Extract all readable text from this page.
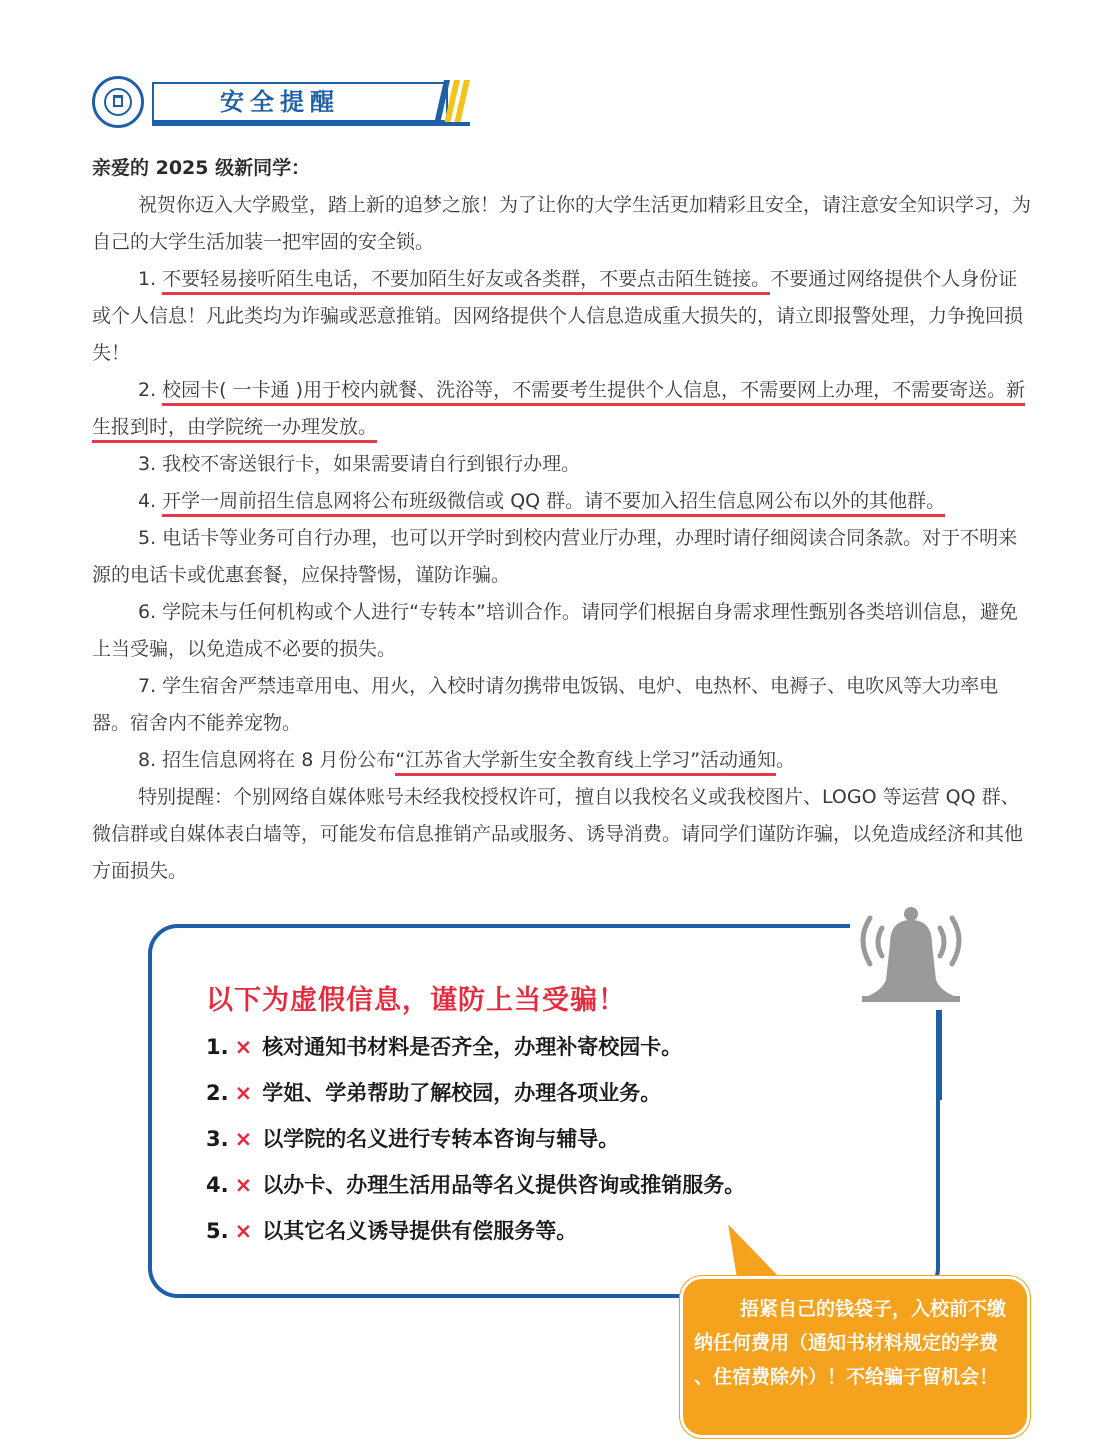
安全提醒

亲爱的 2025 级新同学：

祝贺你迈入大学殿堂，踏上新的追梦之旅！为了让你的大学生活更加精彩且安全，请注意安全知识学习，为自己的大学生活加装一把牢固的安全锁。

1. 不要轻易接听陌生电话，不要加陌生好友或各类群，不要点击陌生链接。不要通过网络提供个人身份证或个人信息！凡此类均为诈骗或恶意推销。因网络提供个人信息造成重大损失的，请立即报警处理，力争挽回损失！

2. 校园卡( 一卡通 )用于校内就餐、洗浴等，不需要考生提供个人信息，不需要网上办理，不需要寄送。新生报到时，由学院统一办理发放。

3. 我校不寄送银行卡，如果需要请自行到银行办理。

4. 开学一周前招生信息网将公布班级微信或 QQ 群。请不要加入招生信息网公布以外的其他群。

5. 电话卡等业务可自行办理，也可以开学时到校内营业厅办理，办理时请仔细阅读合同条款。对于不明来源的电话卡或优惠套餐，应保持警惕，谨防诈骗。

6. 学院未与任何机构或个人进行“专转本”培训合作。请同学们根据自身需求理性甄别各类培训信息，避免上当受骗，以免造成不必要的损失。

7. 学生宿舍严禁违章用电、用火，入校时请勿携带电饭锅、电炉、电热杯、电褥子、电吹风等大功率电器。宿舍内不能养宠物。

8. 招生信息网将在 8 月份公布“江苏省大学新生安全教育线上学习”活动通知。

特别提醒：个别网络自媒体账号未经我校授权许可，擅自以我校名义或我校图片、LOGO 等运营 QQ 群、微信群或自媒体表白墙等，可能发布信息推销产品或服务、诱导消费。请同学们谨防诈骗，以免造成经济和其他方面损失。

以下为虚假信息，谨防上当受骗！
1. × 核对通知书材料是否齐全，办理补寄校园卡。
2. × 学姐、学弟帮助了解校园，办理各项业务。
3. × 以学院的名义进行专转本咨询与辅导。
4. × 以办卡、办理生活用品等名义提供咨询或推销服务。
5. × 以其它名义诱导提供有偿服务等。
捂紧自己的钱袋子，入校前不缴纳任何费用（通知书材料规定的学费 、住宿费除外）！不给骗子留机会！
